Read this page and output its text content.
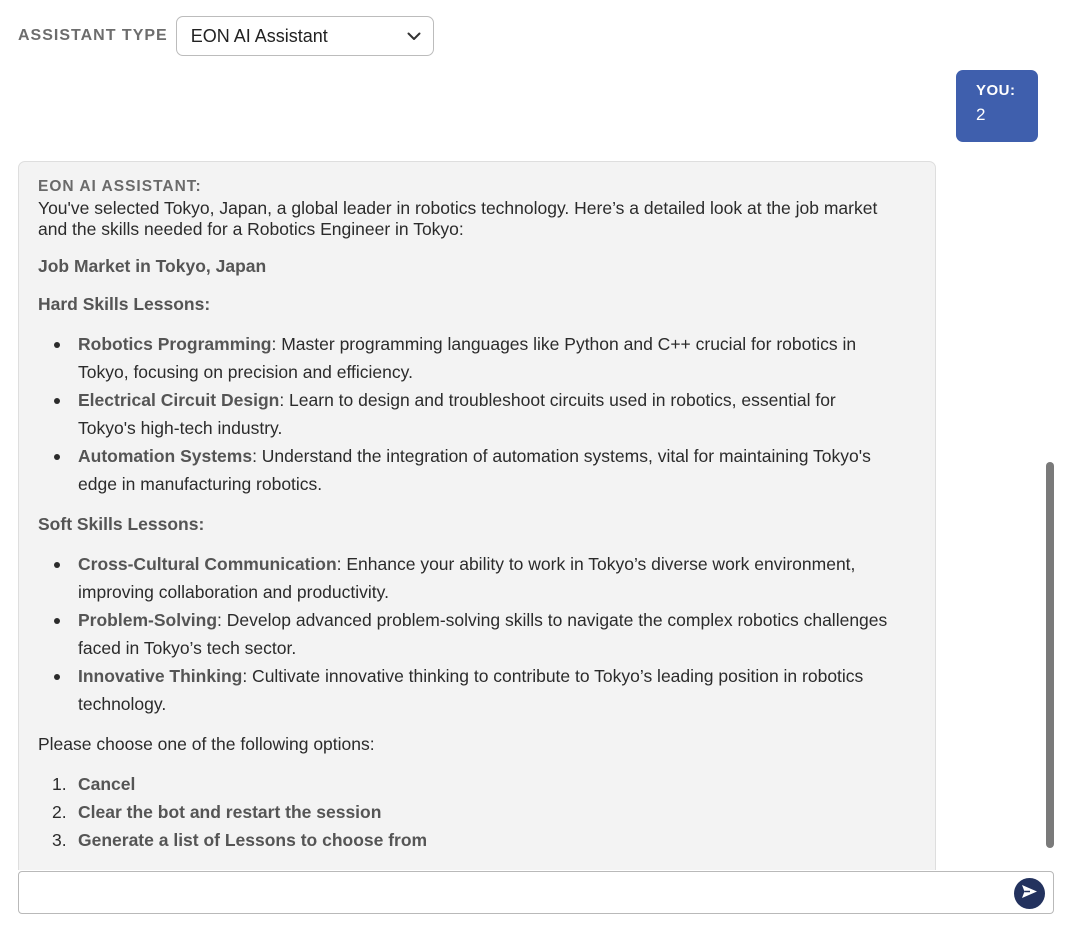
ASSISTANT TYPE EON AI Assistant
YOU:
2
EON AI ASSISTANT:
You've selected Tokyo, Japan, a global leader in robotics technology. Here’s a detailed look at the job market and the skills needed for a Robotics Engineer in Tokyo:
Job Market in Tokyo, Japan
Hard Skills Lessons:
Robotics Programming: Master programming languages like Python and C++ crucial for robotics in Tokyo, focusing on precision and efficiency.
Electrical Circuit Design: Learn to design and troubleshoot circuits used in robotics, essential for Tokyo's high-tech industry.
Automation Systems: Understand the integration of automation systems, vital for maintaining Tokyo's edge in manufacturing robotics.
Soft Skills Lessons:
Cross-Cultural Communication: Enhance your ability to work in Tokyo’s diverse work environment, improving collaboration and productivity.
Problem-Solving: Develop advanced problem-solving skills to navigate the complex robotics challenges faced in Tokyo’s tech sector.
Innovative Thinking: Cultivate innovative thinking to contribute to Tokyo’s leading position in robotics technology.
Please choose one of the following options:
1. Cancel
2. Clear the bot and restart the session
3. Generate a list of Lessons to choose from
